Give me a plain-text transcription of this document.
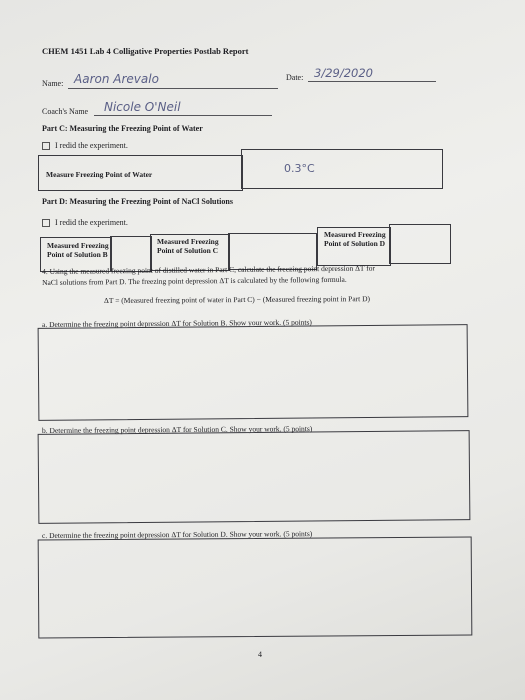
CHEM 1451 Lab 4 Colligative Properties Postlab Report
Name: Aaron Arevalo	Date: 3/29/2020
Coach's Name Nicole O'Neil
Part C: Measuring the Freezing Point of Water
I redid the experiment.
Measure Freezing Point of Water	0.3°C
Part D: Measuring the Freezing Point of NaCl Solutions
I redid the experiment.
Measured Freezing Point of Solution B
Measured Freezing Point of Solution C
Measured Freezing Point of Solution D
4. Using the measured freezing point of distilled water in Part C, calculate the freezing point depression ΔT for
NaCl solutions from Part D. The freezing point depression ΔT is calculated by the following formula.
ΔT = (Measured freezing point of water in Part C) − (Measured freezing point in Part D)
a. Determine the freezing point depression ΔT for Solution B. Show your work. (5 points)
b. Determine the freezing point depression ΔT for Solution C. Show your work. (5 points)
c. Determine the freezing point depression ΔT for Solution D. Show your work. (5 points)
4
